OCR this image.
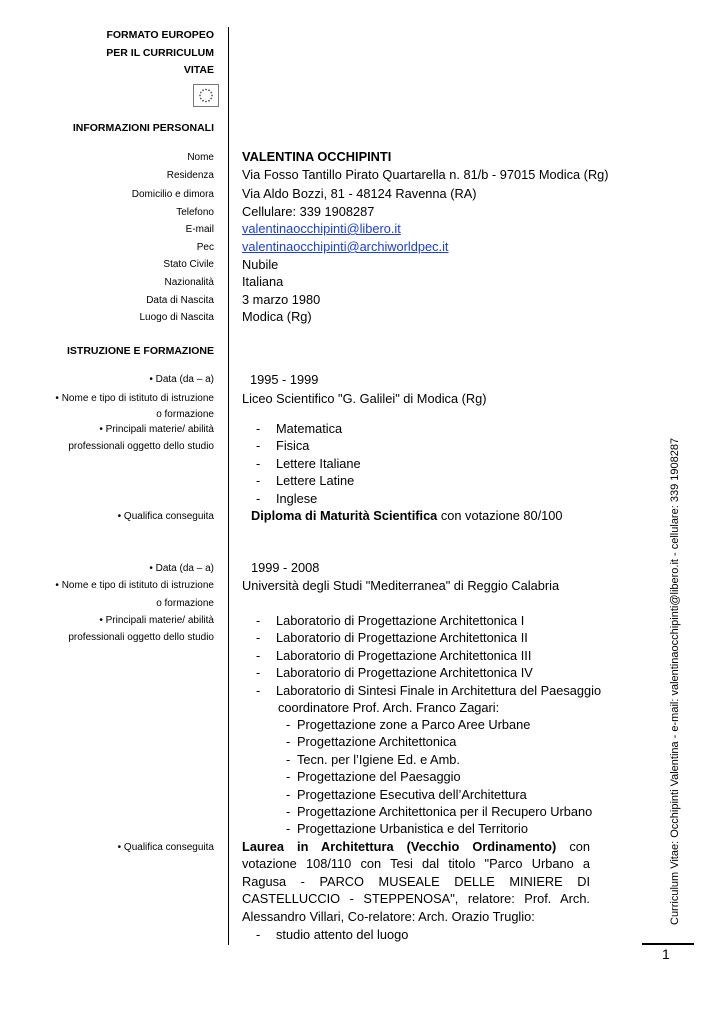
FORMATO EUROPEO
PER IL CURRICULUM
VITAE
INFORMAZIONI PERSONALI
Nome VALENTINA OCCHIPINTI
Residenza Via Fosso Tantillo Pirato Quartarella n. 81/b - 97015 Modica (Rg)
Domicilio e dimora Via Aldo Bozzi, 81 - 48124 Ravenna (RA)
Telefono Cellulare: 339 1908287
E-mail valentinaocchipinti@libero.it
Pec valentinaocchipinti@archiworldpec.it
Stato Civile Nubile
Nazionalità Italiana
Data di Nascita 3 marzo 1980
Luogo di Nascita Modica (Rg)
ISTRUZIONE E FORMAZIONE
• Data (da – a)	1995 - 1999
• Nome e tipo di istituto di istruzione
o formazione
Liceo Scientifico "G. Galilei" di Modica (Rg)
• Principali materie/ abilità
professionali oggetto dello studio
- Matematica
- Fisica
- Lettere Italiane
- Lettere Latine
- Inglese
• Qualifica conseguita	Diploma di Maturità Scientifica con votazione 80/100
• Data (da – a)	1999 - 2008
• Nome e tipo di istituto di istruzione
o formazione
Università degli Studi "Mediterranea" di Reggio Calabria
• Principali materie/ abilità
professionali oggetto dello studio
- Laboratorio di Progettazione Architettonica I
- Laboratorio di Progettazione Architettonica II
- Laboratorio di Progettazione Architettonica III
- Laboratorio di Progettazione Architettonica IV
- Laboratorio di Sintesi Finale in Architettura del Paesaggio
coordinatore Prof. Arch. Franco Zagari:
- Progettazione zone a Parco Aree Urbane
- Progettazione Architettonica
- Tecn. per l’Igiene Ed. e Amb.
- Progettazione del Paesaggio
- Progettazione Esecutiva dell’Architettura
- Progettazione Architettonica per il Recupero Urbano
- Progettazione Urbanistica e del Territorio
• Qualifica conseguita Laurea in Architettura (Vecchio Ordinamento) con votazione 108/110 con Tesi dal titolo "Parco Urbano a Ragusa - PARCO MUSEALE DELLE MINIERE DI CASTELLUCCIO - STEPPENOSA", relatore: Prof. Arch. Alessandro Villari, Co-relatore: Arch. Orazio Truglio:
- studio attento del luogo
Curriculum Vitae: Occhipinti Valentina - e-mail: valentinaocchipinti@libero.it - cellulare: 339 1908287
1
